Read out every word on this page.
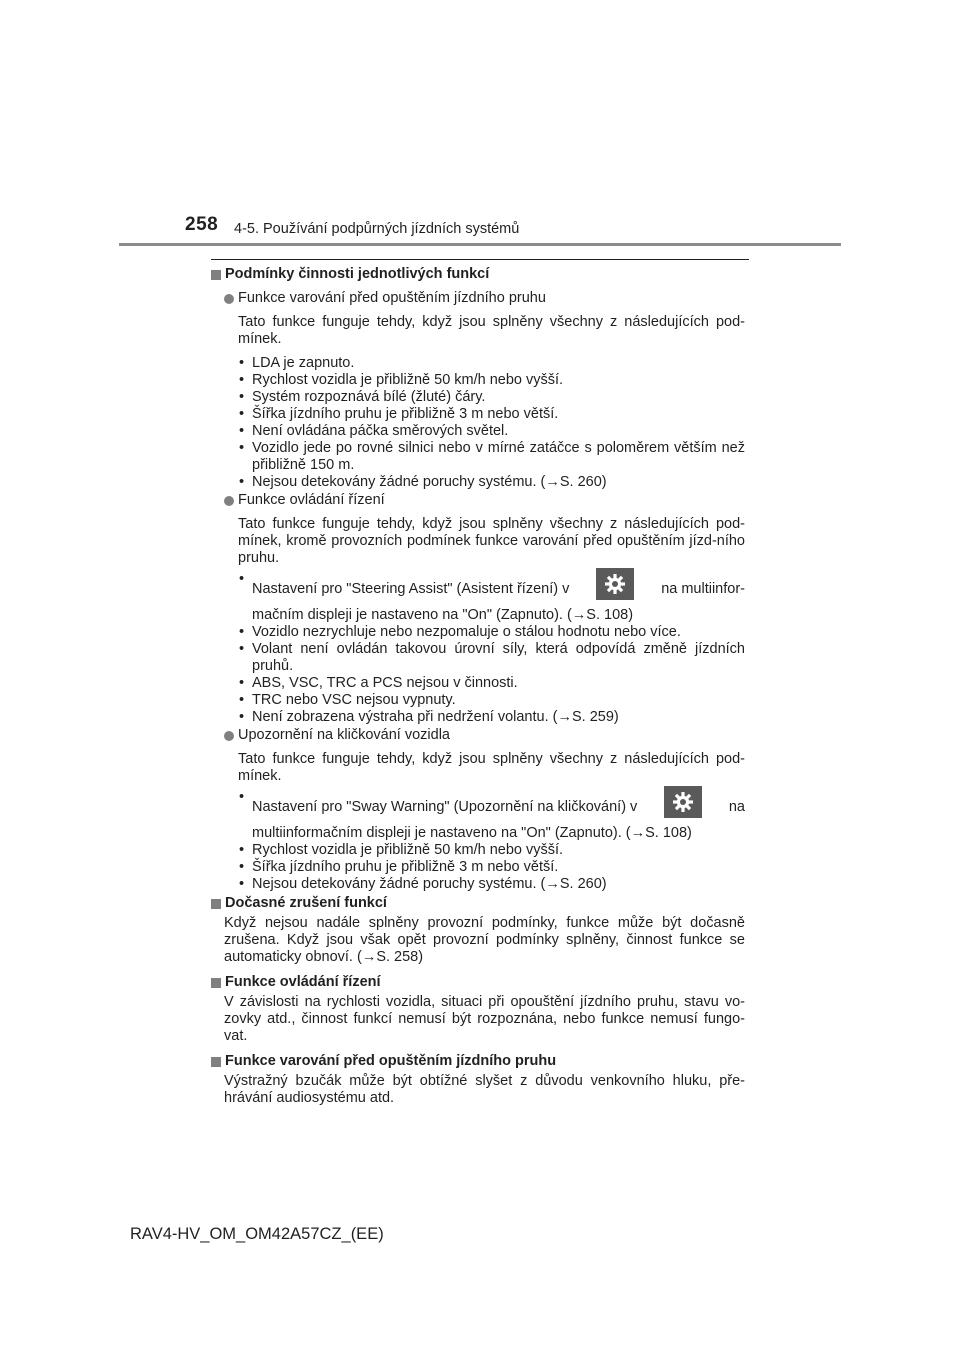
258 4-5. Používání podpůrných jízdních systémů
Podmínky činnosti jednotlivých funkcí
Funkce varování před opuštěním jízdního pruhu
Tato funkce funguje tehdy, když jsou splněny všechny z následujících pod-mínek.
• LDA je zapnuto.
• Rychlost vozidla je přibližně 50 km/h nebo vyšší.
• Systém rozpoznává bílé (žluté) čáry.
• Šířka jízdního pruhu je přibližně 3 m nebo větší.
• Není ovládána páčka směrových světel.
• Vozidlo jede po rovné silnici nebo v mírné zatáčce s poloměrem větším než přibližně 150 m.
• Nejsou detekovány žádné poruchy systému. (→S. 260)
Funkce ovládání řízení
Tato funkce funguje tehdy, když jsou splněny všechny z následujících pod-mínek, kromě provozních podmínek funkce varování před opuštěním jízd-ního pruhu.
• Nastavení pro "Steering Assist" (Asistent řízení) v	na multiinfor-
mačním displeji je nastaveno na "On" (Zapnuto). (→S. 108)
• Vozidlo nezrychluje nebo nezpomaluje o stálou hodnotu nebo více.
• Volant není ovládán takovou úrovní síly, která odpovídá změně jízdních pruhů.
• ABS, VSC, TRC a PCS nejsou v činnosti.
• TRC nebo VSC nejsou vypnuty.
• Není zobrazena výstraha při nedržení volantu. (→S. 259)
Upozornění na kličkování vozidla
Tato funkce funguje tehdy, když jsou splněny všechny z následujících pod-mínek.
• Nastavení pro "Sway Warning" (Upozornění na kličkování) v	na
multiinformačním displeji je nastaveno na "On" (Zapnuto). (→S. 108)
• Rychlost vozidla je přibližně 50 km/h nebo vyšší.
• Šířka jízdního pruhu je přibližně 3 m nebo větší.
• Nejsou detekovány žádné poruchy systému. (→S. 260)
Dočasné zrušení funkcí
Když nejsou nadále splněny provozní podmínky, funkce může být dočasně zrušena. Když jsou však opět provozní podmínky splněny, činnost funkce se automaticky obnoví. (→S. 258)
Funkce ovládání řízení
V závislosti na rychlosti vozidla, situaci při opouštění jízdního pruhu, stavu vo-zovky atd., činnost funkcí nemusí být rozpoznána, nebo funkce nemusí fungo-vat.
Funkce varování před opuštěním jízdního pruhu
Výstražný bzučák může být obtížné slyšet z důvodu venkovního hluku, pře-hrávání audiosystému atd.
RAV4-HV_OM_OM42A57CZ_(EE)
